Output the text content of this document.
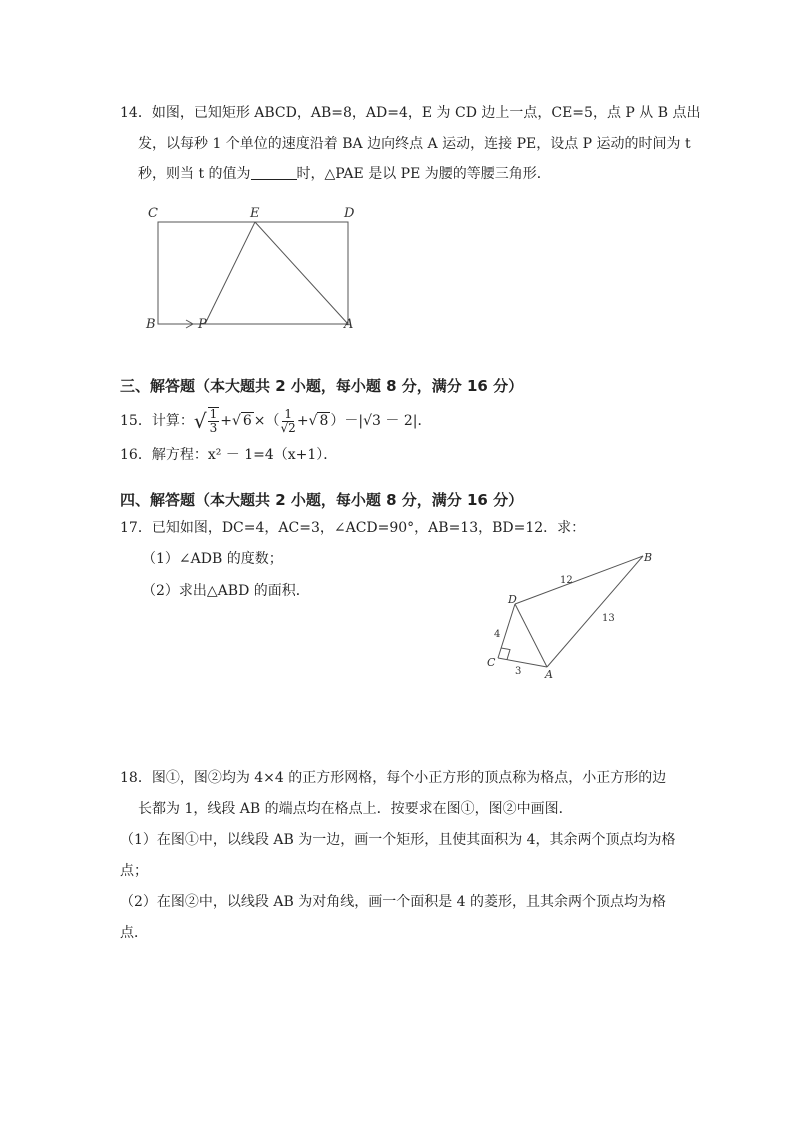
14．如图，已知矩形 ABCD，AB=8，AD=4，E 为 CD 边上一点，CE=5，点 P 从 B 点出
发，以每秒 1 个单位的速度沿着 BA 边向终点 A 运动，连接 PE，设点 P 运动的时间为 t
秒，则当 t 的值为	时，△PAE 是以 PE 为腰的等腰三角形．
C	E	D
B	P	A
三、解答题（本大题共 2 小题，每小题 8 分，满分 16 分）
15．计算： √ $\frac{1}{3}$ + √ 6 ×（ $\frac{1}{√2}$ + √ 8 ）－|√3 － 2|．
16．解方程：x² － 1=4（x+1）．
四、解答题（本大题共 2 小题，每小题 8 分，满分 16 分）
17．已知如图，DC=4，AC=3，∠ACD=90°，AB=13，BD=12．求：
（1）∠ADB 的度数；
（2）求出△ABD 的面积．
B
D
C
A
12
13
4
3
18．图①，图②均为 4×4 的正方形网格，每个小正方形的顶点称为格点，小正方形的边
长都为 1，线段 AB 的端点均在格点上．按要求在图①，图②中画图．
（1）在图①中，以线段 AB 为一边，画一个矩形，且使其面积为 4，其余两个顶点均为格
点；
（2）在图②中，以线段 AB 为对角线，画一个面积是 4 的菱形，且其余两个顶点均为格
点．
